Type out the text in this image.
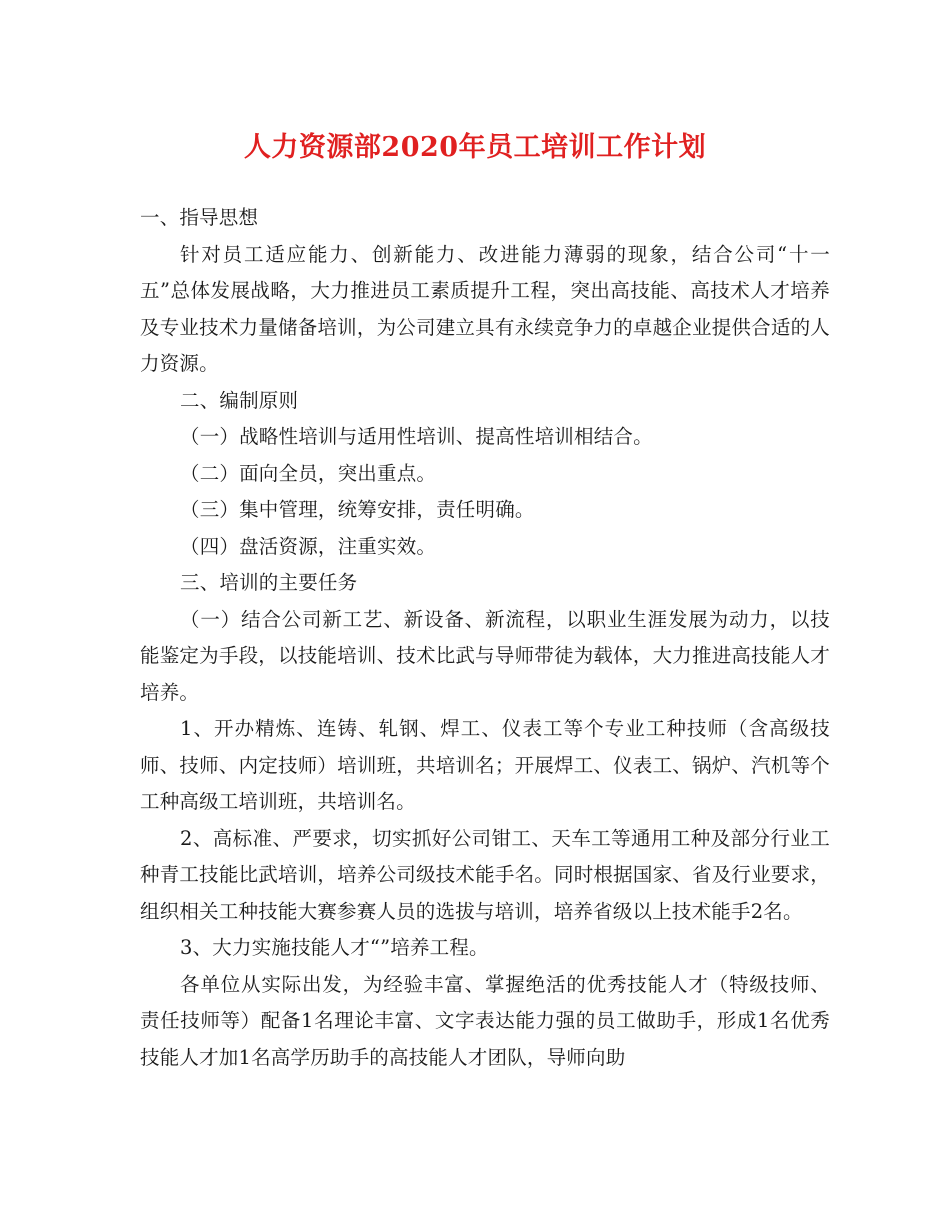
人力资源部2020年员工培训工作计划

一、指导思想

针对员工适应能力、创新能力、改进能力薄弱的现象，结合公司“十一五”总体发展战略，大力推进员工素质提升工程，突出高技能、高技术人才培养及专业技术力量储备培训，为公司建立具有永续竞争力的卓越企业提供合适的人力资源。

二、编制原则

（一）战略性培训与适用性培训、提高性培训相结合。

（二）面向全员，突出重点。

（三）集中管理，统筹安排，责任明确。

（四）盘活资源，注重实效。

三、培训的主要任务

（一）结合公司新工艺、新设备、新流程，以职业生涯发展为动力，以技能鉴定为手段，以技能培训、技术比武与导师带徒为载体，大力推进高技能人才培养。

1、开办精炼、连铸、轧钢、焊工、仪表工等个专业工种技师（含高级技师、技师、内定技师）培训班，共培训名；开展焊工、仪表工、锅炉、汽机等个工种高级工培训班，共培训名。

2、高标准、严要求，切实抓好公司钳工、天车工等通用工种及部分行业工种青工技能比武培训，培养公司级技术能手名。同时根据国家、省及行业要求，组织相关工种技能大赛参赛人员的选拔与培训，培养省级以上技术能手2名。

3、大力实施技能人才“”培养工程。

各单位从实际出发，为经验丰富、掌握绝活的优秀技能人才（特级技师、责任技师等）配备1名理论丰富、文字表达能力强的员工做助手，形成1名优秀技能人才加1名高学历助手的高技能人才团队，导师向助
